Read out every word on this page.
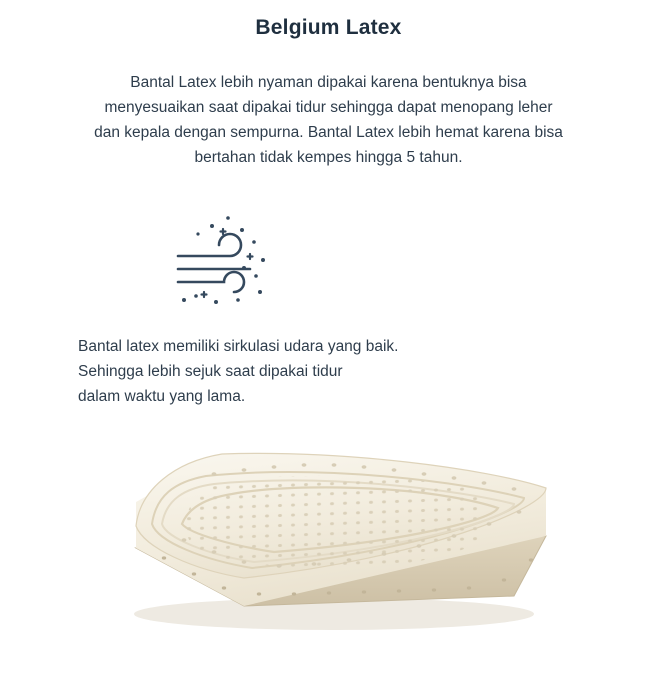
Belgium Latex

Bantal Latex lebih nyaman dipakai karena bentuknya bisa menyesuaikan saat dipakai tidur sehingga dapat menopang leher dan kepala dengan sempurna. Bantal Latex lebih hemat karena bisa bertahan tidak kempes hingga 5 tahun.

Bantal latex memiliki sirkulasi udara yang baik.

Sehingga lebih sejuk saat dipakai tidur

dalam waktu yang lama.
